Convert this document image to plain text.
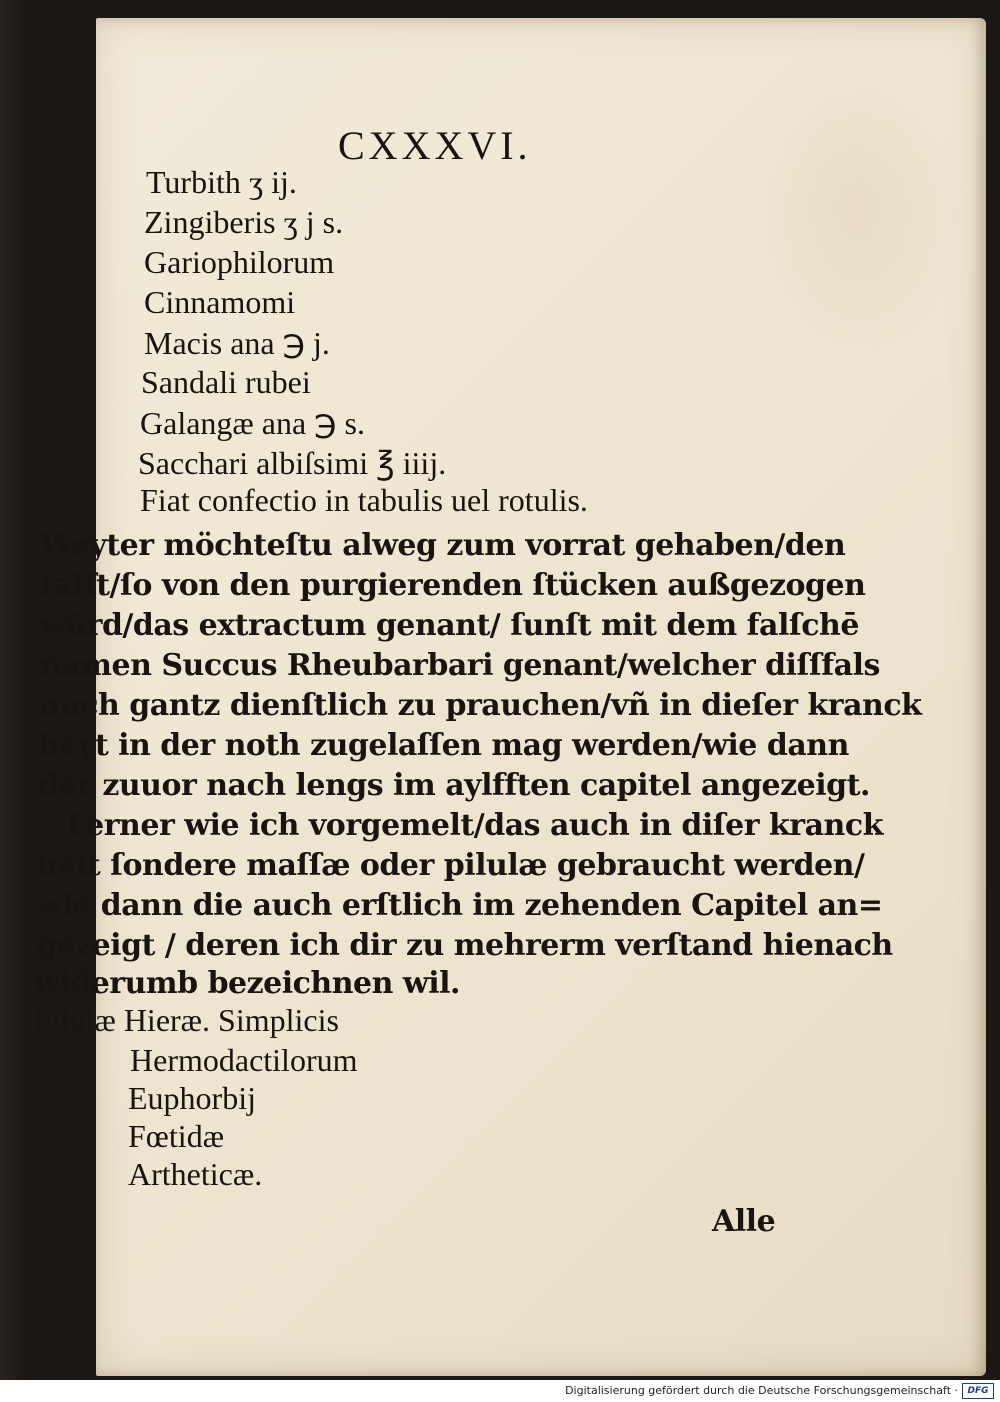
CXXXVI.
Turbith ʒ ij.
Zingiberis ʒ j s.
Gariophilorum
Cinnamomi
Macis ana ℈ j.
Sandali rubei
Galangæ ana ℈ s.
Sacchari albiſsimi ℥ iiij.
Fiat confectio in tabulis uel rotulis.
Weyter möchteſtu alweg zum vorrat gehaben/den
ſafft/ſo von den purgierenden ſtücken außgezogen
würd/das extractum genant/ ſunſt mit dem falſchē
namen Succus Rheubarbari genant/welcher diſſfals
auch gantz dienſtlich zu prauchen/vñ in dieſer kranck
heyt in der noth zugelaſſen mag werden/wie dann
der zuuor nach lengs im aylfften capitel angezeigt.
Ferner wie ich vorgemelt/das auch in diſer kranck
heit ſondere maſſæ oder pilulæ gebraucht werden/
wie dann die auch erſtlich im zehenden Capitel an=
gezeigt / deren ich dir zu mehrerm verſtand hienach
widerumb bezeichnen wil.
Pilulæ Hieræ. Simplicis
Hermodactilorum
Euphorbij
Fœtidæ
Artheticæ.
Alle
Digitalisierung gefördert durch die Deutsche Forschungsgemeinschaft ·	DFG
